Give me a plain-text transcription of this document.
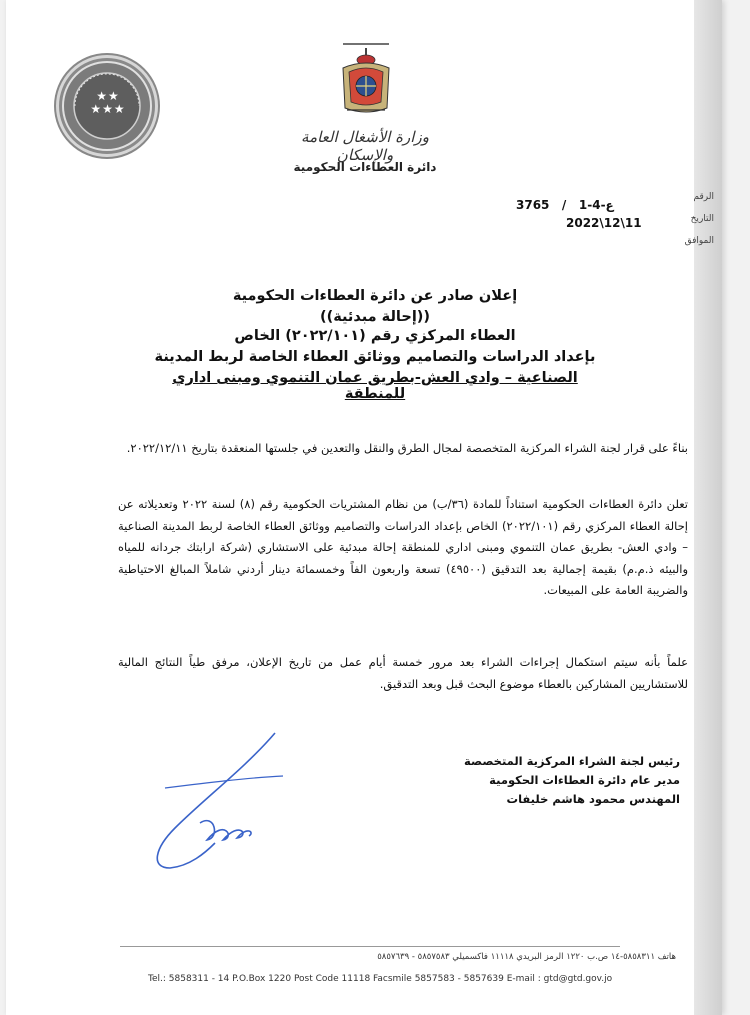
★★
★★★
وزارة الأشغال العامة والإسكان
دائرة العطاءات الحكومية
الرقم
التاريخ
الموافق
3765   /   ع-4-1
2022\12\11
إعلان صادر عن دائرة العطاءات الحكومية
((إحالة مبدئية))
العطاء المركزي رقم (٢٠٢٢/١٠١) الخاص
بإعداد الدراسات والتصاميم ووثائق العطاء الخاصة لربط المدينة
الصناعية – وادي العش-بطريق عمان التنموي ومبنى اداري للمنطقة
بناءً على قرار لجنة الشراء المركزية المتخصصة لمجال الطرق والنقل والتعدين في جلستها المنعقدة بتاريخ ٢٠٢٢/١٢/١١.
تعلن دائرة العطاءات الحكومية استناداً للمادة (٣٦/ب) من نظام المشتريات الحكومية رقم (٨) لسنة ٢٠٢٢ وتعديلاته عن إحالة العطاء المركزي رقم (٢٠٢٢/١٠١) الخاص بإعداد الدراسات والتصاميم ووثائق العطاء الخاصة لربط المدينة الصناعية – وادي العش- بطريق عمان التنموي ومبنى اداري للمنطقة إحالة مبدئية على الاستشاري (شركة ارابتك جردانه للمياه والبيئه ذ.م.م) بقيمة إجمالية بعد التدقيق (٤٩٥٠٠) تسعة واربعون الفاً وخمسمائة دينار أردني شاملاً المبالغ الاحتياطية والضريبة العامة على المبيعات.
علماً بأنه سيتم استكمال إجراءات الشراء بعد مرور خمسة أيام عمل من تاريخ الإعلان، مرفق طياً النتائج المالية للاستشاريين المشاركين بالعطاء موضوع البحث قبل وبعد التدقيق.
رئيس لجنة الشراء المركزية المتخصصة
مدير عام دائرة العطاءات الحكومية
المهندس محمود هاشم خليفات
هاتف ٥٨٥٨٣١١-١٤ ص.ب ١٢٢٠ الرمز البريدي ١١١١٨ فاكسميلي ٥٨٥٧٥٨٣ - ٥٨٥٧٦٣٩
Tel.: 5858311 - 14 P.O.Box 1220 Post Code 11118 Facsmile 5857583 - 5857639 E-mail : gtd@gtd.gov.jo
